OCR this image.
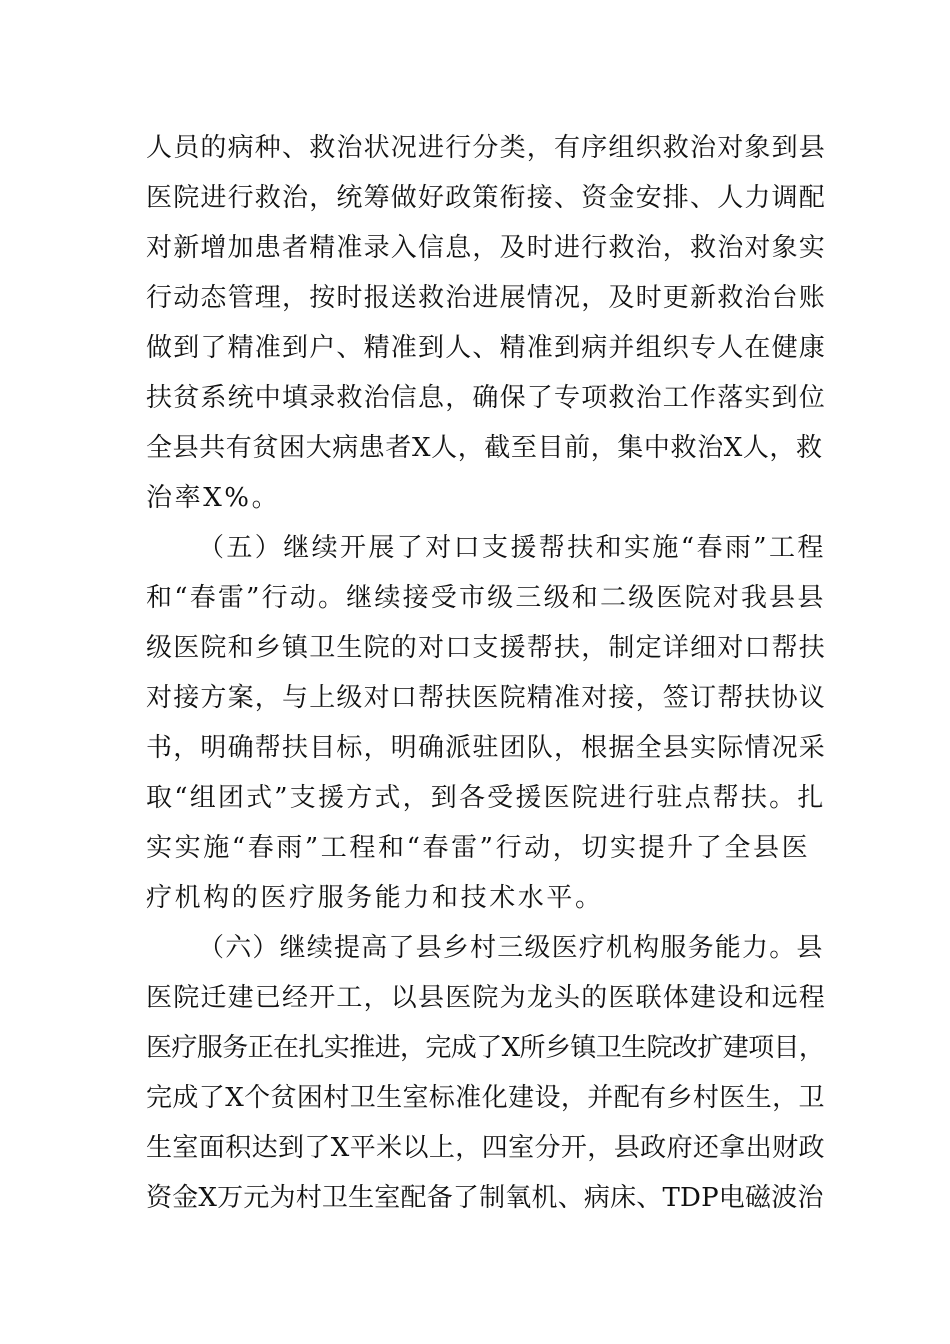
人员的病种、救治状况进行分类，有序组织救治对象到县
医院进行救治，统筹做好政策衔接、资金安排、人力调配
对新增加患者精准录入信息，及时进行救治，救治对象实
行动态管理，按时报送救治进展情况，及时更新救治台账
做到了精准到户、精准到人、精准到病并组织专人在健康
扶贫系统中填录救治信息，确保了专项救治工作落实到位
全县共有贫困大病患者X人，截至目前，集中救治X人，救
治率X%。
（五）继续开展了对口支援帮扶和实施“春雨”工程
和“春雷”行动。继续接受市级三级和二级医院对我县县
级医院和乡镇卫生院的对口支援帮扶，制定详细对口帮扶
对接方案，与上级对口帮扶医院精准对接，签订帮扶协议
书，明确帮扶目标，明确派驻团队，根据全县实际情况采
取“组团式”支援方式，到各受援医院进行驻点帮扶。扎
实实施“春雨”工程和“春雷”行动，切实提升了全县医
疗机构的医疗服务能力和技术水平。
（六）继续提高了县乡村三级医疗机构服务能力。县
医院迁建已经开工，以县医院为龙头的医联体建设和远程
医疗服务正在扎实推进，完成了X所乡镇卫生院改扩建项目，
完成了X个贫困村卫生室标准化建设，并配有乡村医生，卫
生室面积达到了X平米以上，四室分开，县政府还拿出财政
资金X万元为村卫生室配备了制氧机、病床、TDP电磁波治
